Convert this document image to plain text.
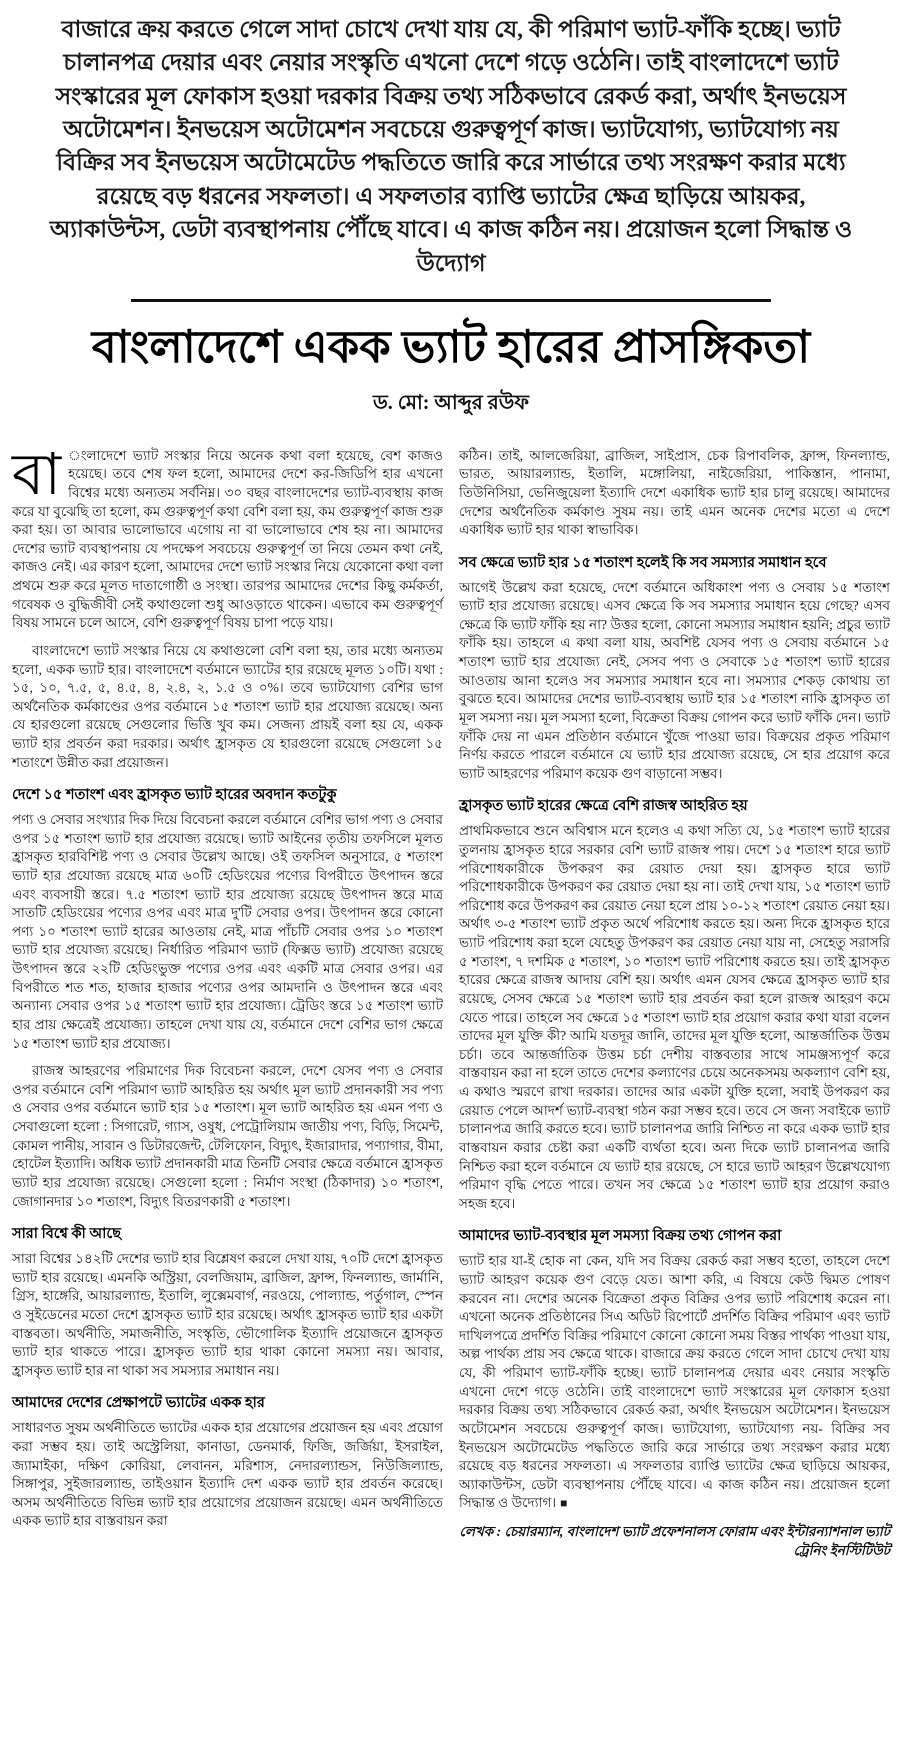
বাজারে ক্রয় করতে গেলে সাদা চোখে দেখা যায় যে, কী পরিমাণ ভ্যাট-ফাঁকি হচ্ছে। ভ্যাট চালানপত্র দেয়ার এবং নেয়ার সংস্কৃতি এখনো দেশে গড়ে ওঠেনি। তাই বাংলাদেশে ভ্যাট সংস্কারের মূল ফোকাস হওয়া দরকার বিক্রয় তথ্য সঠিকভাবে রেকর্ড করা, অর্থাৎ ইনভয়েস অটোমেশন। ইনভয়েস অটোমেশন সবচেয়ে গুরুত্বপূর্ণ কাজ। ভ্যাটযোগ্য, ভ্যাটযোগ্য নয় বিক্রির সব ইনভয়েস অটোমেটেড পদ্ধতিতে জারি করে সার্ভারে তথ্য সংরক্ষণ করার মধ্যে রয়েছে বড় ধরনের সফলতা। এ সফলতার ব্যাপ্তি ভ্যাটের ক্ষেত্র ছাড়িয়ে আয়কর, অ্যাকাউন্টস, ডেটা ব্যবস্থাপনায় পৌঁছে যাবে। এ কাজ কঠিন নয়। প্রয়োজন হলো সিদ্ধান্ত ও উদ্যোগ
বাংলাদেশে একক ভ্যাট হারের প্রাসঙ্গিকতা
ড. মো: আব্দুর রউফ

বা ংলাদেশে ভ্যাট সংস্কার নিয়ে অনেক কথা বলা হয়েছে, বেশ কাজও হয়েছে। তবে শেষ ফল হলো, আমাদের দেশে কর-জিডিপি হার এখনো বিশ্বের মধ্যে অন্যতম সর্বনিম্ন। ৩০ বছর বাংলাদেশের ভ্যাট-ব্যবস্থায় কাজ করে যা বুঝেছি তা হলো, কম গুরুত্বপূর্ণ কথা বেশি বলা হয়, কম গুরুত্বপূর্ণ কাজ শুরু করা হয়। তা আবার ভালোভাবে এগোয় না বা ভালোভাবে শেষ হয় না। আমাদের দেশের ভ্যাট ব্যবস্থাপনায় যে পদক্ষেপ সবচেয়ে গুরুত্বপূর্ণ তা নিয়ে তেমন কথা নেই, কাজও নেই। এর কারণ হলো, আমাদের দেশে ভ্যাট সংস্কার নিয়ে যেকোনো কথা বলা প্রথমে শুরু করে মূলত দাতাগোষ্ঠী ও সংস্থা। তারপর আমাদের দেশের কিছু কর্মকর্তা, গবেষক ও বুদ্ধিজীবী সেই কথাগুলো শুধু আওড়াতে থাকেন। এভাবে কম গুরুত্বপূর্ণ বিষয় সামনে চলে আসে, বেশি গুরুত্বপূর্ণ বিষয় চাপা পড়ে যায়।

বাংলাদেশে ভ্যাট সংস্কার নিয়ে যে কথাগুলো বেশি বলা হয়, তার মধ্যে অন্যতম হলো, একক ভ্যাট হার। বাংলাদেশে বর্তমানে ভ্যাটের হার রয়েছে মূলত ১০টি। যথা : ১৫, ১০, ৭.৫, ৫, ৪.৫, ৪, ২.৪, ২, ১.৫ ও ০%। তবে ভ্যাটযোগ্য বেশির ভাগ অর্থনৈতিক কর্মকাণ্ডের ওপর বর্তমানে ১৫ শতাংশ ভ্যাট হার প্রযোজ্য রয়েছে। অন্য যে হারগুলো রয়েছে সেগুলোর ভিত্তি খুব কম। সেজন্য প্রায়ই বলা হয় যে, একক ভ্যাট হার প্রবর্তন করা দরকার। অর্থাৎ হ্রাসকৃত যে হারগুলো রয়েছে সেগুলো ১৫ শতাংশে উন্নীত করা প্রয়োজন।

দেশে ১৫ শতাংশ এবং হ্রাসকৃত ভ্যাট হারের অবদান কতটুকু

পণ্য ও সেবার সংখ্যার দিক দিয়ে বিবেচনা করলে বর্তমানে বেশির ভাগ পণ্য ও সেবার ওপর ১৫ শতাংশ ভ্যাট হার প্রযোজ্য রয়েছে। ভ্যাট আইনের তৃতীয় তফসিলে মূলত হ্রাসকৃত হারবিশিষ্ট পণ্য ও সেবার উল্লেখ আছে। ওই তফসিল অনুসারে, ৫ শতাংশ ভ্যাট হার প্রযোজ্য রয়েছে মাত্র ৬০টি হেডিংয়ের পণ্যের বিপরীতে উৎপাদন স্তরে এবং ব্যবসায়ী স্তরে। ৭.৫ শতাংশ ভ্যাট হার প্রযোজ্য রয়েছে উৎপাদন স্তরে মাত্র সাতটি হেডিংয়ের পণ্যের ওপর এবং মাত্র দু'টি সেবার ওপর। উৎপাদন স্তরে কোনো পণ্য ১০ শতাংশ ভ্যাট হারের আওতায় নেই, মাত্র পাঁচটি সেবার ওপর ১০ শতাংশ ভ্যাট হার প্রযোজ্য রয়েছে। নির্ধারিত পরিমাণ ভ্যাট (ফিক্সড ভ্যাট) প্রযোজ্য রয়েছে উৎপাদন স্তরে ২২টি হেডিংভুক্ত পণ্যের ওপর এবং একটি মাত্র সেবার ওপর। এর বিপরীতে শত শত, হাজার হাজার পণ্যের ওপর আমদানি ও উৎপাদন স্তরে এবং অন্যান্য সেবার ওপর ১৫ শতাংশ ভ্যাট হার প্রযোজ্য। ট্রেডিং স্তরে ১৫ শতাংশ ভ্যাট হার প্রায় ক্ষেত্রেই প্রযোজ্য। তাহলে দেখা যায় যে, বর্তমানে দেশে বেশির ভাগ ক্ষেত্রে ১৫ শতাংশ ভ্যাট হার প্রযোজ্য।

রাজস্ব আহরণের পরিমাণের দিক বিবেচনা করলে, দেশে যেসব পণ্য ও সেবার ওপর বর্তমানে বেশি পরিমাণ ভ্যাট আহরিত হয় অর্থাৎ মূল ভ্যাট প্রদানকারী সব পণ্য ও সেবার ওপর বর্তমানে ভ্যাট হার ১৫ শতাংশ। মূল ভ্যাট আহরিত হয় এমন পণ্য ও সেবাগুলো হলো : সিগারেট, গ্যাস, ওষুধ, পেট্রোলিয়াম জাতীয় পণ্য, বিড়ি, সিমেন্ট, কোমল পানীয়, সাবান ও ডিটারজেন্ট, টেলিফোন, বিদ্যুৎ, ইজারাদার, পণ্যাগার, বীমা, হোটেল ইত্যাদি। অধিক ভ্যাট প্রদানকারী মাত্র তিনটি সেবার ক্ষেত্রে বর্তমানে হ্রাসকৃত ভ্যাট হার প্রযোজ্য রয়েছে। সেগুলো হলো : নির্মাণ সংস্থা (ঠিকাদার) ১০ শতাংশ, জোগানদার ১০ শতাংশ, বিদ্যুৎ বিতরণকারী ৫ শতাংশ।

সারা বিশ্বে কী আছে

সারা বিশ্বের ১৪২টি দেশের ভ্যাট হার বিশ্লেষণ করলে দেখা যায়, ৭০টি দেশে হ্রাসকৃত ভ্যাট হার রয়েছে। এমনকি অস্ট্রিয়া, বেলজিয়াম, ব্রাজিল, ফ্রান্স, ফিনল্যান্ড, জার্মানি, গ্রিস, হাঙ্গেরি, আয়ারল্যান্ড, ইতালি, লুক্সেমবার্গ, নরওয়ে, পোল্যান্ড, পর্তুগাল, স্পেন ও সুইডেনের মতো দেশে হ্রাসকৃত ভ্যাট হার রয়েছে। অর্থাৎ হ্রাসকৃত ভ্যাট হার একটা বাস্তবতা। অর্থনীতি, সমাজনীতি, সংস্কৃতি, ভৌগোলিক ইত্যাদি প্রয়োজনে হ্রাসকৃত ভ্যাট হার থাকতে পারে। হ্রাসকৃত ভ্যাট হার থাকা কোনো সমস্যা নয়। আবার, হ্রাসকৃত ভ্যাট হার না থাকা সব সমস্যার সমাধান নয়।

আমাদের দেশের প্রেক্ষাপটে ভ্যাটের একক হার

সাধারণত সুষম অর্থনীতিতে ভ্যাটের একক হার প্রয়োগের প্রয়োজন হয় এবং প্রয়োগ করা সম্ভব হয়। তাই অস্ট্রেলিয়া, কানাডা, ডেনমার্ক, ফিজি, জর্জিয়া, ইসরাইল, জ্যামাইকা, দক্ষিণ কোরিয়া, লেবানন, মরিশাস, নেদারল্যান্ডস, নিউজিল্যান্ড, সিঙ্গাপুর, সুইজারল্যান্ড, তাইওয়ান ইত্যাদি দেশ একক ভ্যাট হার প্রবর্তন করেছে। অসম অর্থনীতিতে বিভিন্ন ভ্যাট হার প্রয়োগের প্রয়োজন রয়েছে। এমন অর্থনীতিতে একক ভ্যাট হার বাস্তবায়ন করা

কঠিন। তাই, আলজেরিয়া, ব্রাজিল, সাইপ্রাস, চেক রিপাবলিক, ফ্রান্স, ফিনল্যান্ড, ভারত, আয়ারল্যান্ড, ইতালি, মঙ্গোলিয়া, নাইজেরিয়া, পাকিস্তান, পানামা, তিউনিসিয়া, ভেনিজুয়েলা ইত্যাদি দেশে একাধিক ভ্যাট হার চালু রয়েছে। আমাদের দেশের অর্থনৈতিক কর্মকাণ্ড সুষম নয়। তাই এমন অনেক দেশের মতো এ দেশে একাধিক ভ্যাট হার থাকা স্বাভাবিক।

সব ক্ষেত্রে ভ্যাট হার ১৫ শতাংশ হলেই কি সব সমস্যার সমাধান হবে

আগেই উল্লেখ করা হয়েছে, দেশে বর্তমানে অধিকাংশ পণ্য ও সেবায় ১৫ শতাংশ ভ্যাট হার প্রযোজ্য রয়েছে। এসব ক্ষেত্রে কি সব সমস্যার সমাধান হয়ে গেছে? এসব ক্ষেত্রে কি ভ্যাট ফাঁকি হয় না? উত্তর হলো, কোনো সমস্যার সমাধান হয়নি; প্রচুর ভ্যাট ফাঁকি হয়। তাহলে এ কথা বলা যায়, অবশিষ্ট যেসব পণ্য ও সেবায় বর্তমানে ১৫ শতাংশ ভ্যাট হার প্রযোজ্য নেই, সেসব পণ্য ও সেবাকে ১৫ শতাংশ ভ্যাট হারের আওতায় আনা হলেও সব সমস্যার সমাধান হবে না। সমস্যার শেকড় কোথায় তা বুঝতে হবে। আমাদের দেশের ভ্যাট-ব্যবস্থায় ভ্যাট হার ১৫ শতাংশ নাকি হ্রাসকৃত তা মূল সমস্যা নয়। মূল সমস্যা হলো, বিক্রেতা বিক্রয় গোপন করে ভ্যাট ফাঁকি দেন। ভ্যাট ফাঁকি দেয় না এমন প্রতিষ্ঠান বর্তমানে খুঁজে পাওয়া ভার। বিক্রয়ের প্রকৃত পরিমাণ নির্ণয় করতে পারলে বর্তমানে যে ভ্যাট হার প্রযোজ্য রয়েছে, সে হার প্রয়োগ করে ভ্যাট আহরণের পরিমাণ কয়েক গুণ বাড়ানো সম্ভব।

হ্রাসকৃত ভ্যাট হারের ক্ষেত্রে বেশি রাজস্ব আহরিত হয়

প্রাথমিকভাবে শুনে অবিশ্বাস মনে হলেও এ কথা সত্যি যে, ১৫ শতাংশ ভ্যাট হারের তুলনায় হ্রাসকৃত হারে সরকার বেশি ভ্যাট রাজস্ব পায়। দেশে ১৫ শতাংশ হারে ভ্যাট পরিশোধকারীকে উপকরণ কর রেয়াত দেয়া হয়। হ্রাসকৃত হারে ভ্যাট পরিশোধকারীকে উপকরণ কর রেয়াত দেয়া হয় না। তাই দেখা যায়, ১৫ শতাংশ ভ্যাট পরিশোধ করে উপকরণ কর রেয়াত নেয়া হলে প্রায় ১০-১২ শতাংশ রেয়াত নেয়া হয়। অর্থাৎ ৩-৫ শতাংশ ভ্যাট প্রকৃত অর্থে পরিশোধ করতে হয়। অন্য দিকে হ্রাসকৃত হারে ভ্যাট পরিশোধ করা হলে যেহেতু উপকরণ কর রেয়াত নেয়া যায় না, সেহেতু সরাসরি ৫ শতাংশ, ৭ দশমিক ৫ শতাংশ, ১০ শতাংশ ভ্যাট পরিশোধ করতে হয়। তাই হ্রাসকৃত হারের ক্ষেত্রে রাজস্ব আদায় বেশি হয়। অর্থাৎ এমন যেসব ক্ষেত্রে হ্রাসকৃত ভ্যাট হার রয়েছে, সেসব ক্ষেত্রে ১৫ শতাংশ ভ্যাট হার প্রবর্তন করা হলে রাজস্ব আহরণ কমে যেতে পারে। তাহলে সব ক্ষেত্রে ১৫ শতাংশ ভ্যাট হার প্রয়োগ করার কথা যারা বলেন তাদের মূল যুক্তি কী? আমি যতদূর জানি, তাদের মূল যুক্তি হলো, আন্তর্জাতিক উত্তম চর্চা। তবে আন্তর্জাতিক উত্তম চর্চা দেশীয় বাস্তবতার সাথে সামঞ্জস্যপূর্ণ করে বাস্তবায়ন করা না হলে তাতে দেশের কল্যাণের চেয়ে অনেকসময় অকল্যাণ বেশি হয়, এ কথাও স্মরণে রাখা দরকার। তাদের আর একটা যুক্তি হলো, সবাই উপকরণ কর রেয়াত পেলে আদর্শ ভ্যাট-ব্যবস্থা গঠন করা সম্ভব হবে। তবে সে জন্য সবাইকে ভ্যাট চালানপত্র জারি করতে হবে। ভ্যাট চালানপত্র জারি নিশ্চিত না করে একক ভ্যাট হার বাস্তবায়ন করার চেষ্টা করা একটি ব্যর্থতা হবে। অন্য দিকে ভ্যাট চালানপত্র জারি নিশ্চিত করা হলে বর্তমানে যে ভ্যাট হার রয়েছে, সে হারে ভ্যাট আহরণ উল্লেখযোগ্য পরিমাণ বৃদ্ধি পেতে পারে। তখন সব ক্ষেত্রে ১৫ শতাংশ ভ্যাট হার প্রয়োগ করাও সহজ হবে।

আমাদের ভ্যাট-ব্যবস্থার মূল সমস্যা বিক্রয় তথ্য গোপন করা

ভ্যাট হার যা-ই হোক না কেন, যদি সব বিক্রয় রেকর্ড করা সম্ভব হতো, তাহলে দেশে ভ্যাট আহরণ কয়েক গুণ বেড়ে যেত। আশা করি, এ বিষয়ে কেউ দ্বিমত পোষণ করবেন না। দেশের অনেক বিক্রেতা প্রকৃত বিক্রির ওপর ভ্যাট পরিশোধ করেন না। এখনো অনেক প্রতিষ্ঠানের সিএ অডিট রিপোর্টে প্রদর্শিত বিক্রির পরিমাণ এবং ভ্যাট দাখিলপত্রে প্রদর্শিত বিক্রির পরিমাণে কোনো কোনো সময় বিস্তর পার্থক্য পাওয়া যায়, অল্প পার্থক্য প্রায় সব ক্ষেত্রে থাকে। বাজারে ক্রয় করতে গেলে সাদা চোখে দেখা যায় যে, কী পরিমাণ ভ্যাট-ফাঁকি হচ্ছে। ভ্যাট চালানপত্র দেয়ার এবং নেয়ার সংস্কৃতি এখনো দেশে গড়ে ওঠেনি। তাই বাংলাদেশে ভ্যাট সংস্কারের মূল ফোকাস হওয়া দরকার বিক্রয় তথ্য সঠিকভাবে রেকর্ড করা, অর্থাৎ ইনভয়েস অটোমেশন। ইনভয়েস অটোমেশন সবচেয়ে গুরুত্বপূর্ণ কাজ। ভ্যাটযোগ্য, ভ্যাটযোগ্য নয়- বিক্রির সব ইনভয়েস অটোমেটেড পদ্ধতিতে জারি করে সার্ভারে তথ্য সংরক্ষণ করার মধ্যে রয়েছে বড় ধরনের সফলতা। এ সফলতার ব্যাপ্তি ভ্যাটের ক্ষেত্র ছাড়িয়ে আয়কর, অ্যাকাউন্টস, ডেটা ব্যবস্থাপনায় পৌঁছে যাবে। এ কাজ কঠিন নয়। প্রয়োজন হলো সিদ্ধান্ত ও উদ্যোগ। ■

লেখক : চেয়ারম্যান, বাংলাদেশ ভ্যাট প্রফেশনালস ফোরাম এবং ইন্টারন্যাশনাল ভ্যাট ট্রেনিং ইনস্টিটিউট
